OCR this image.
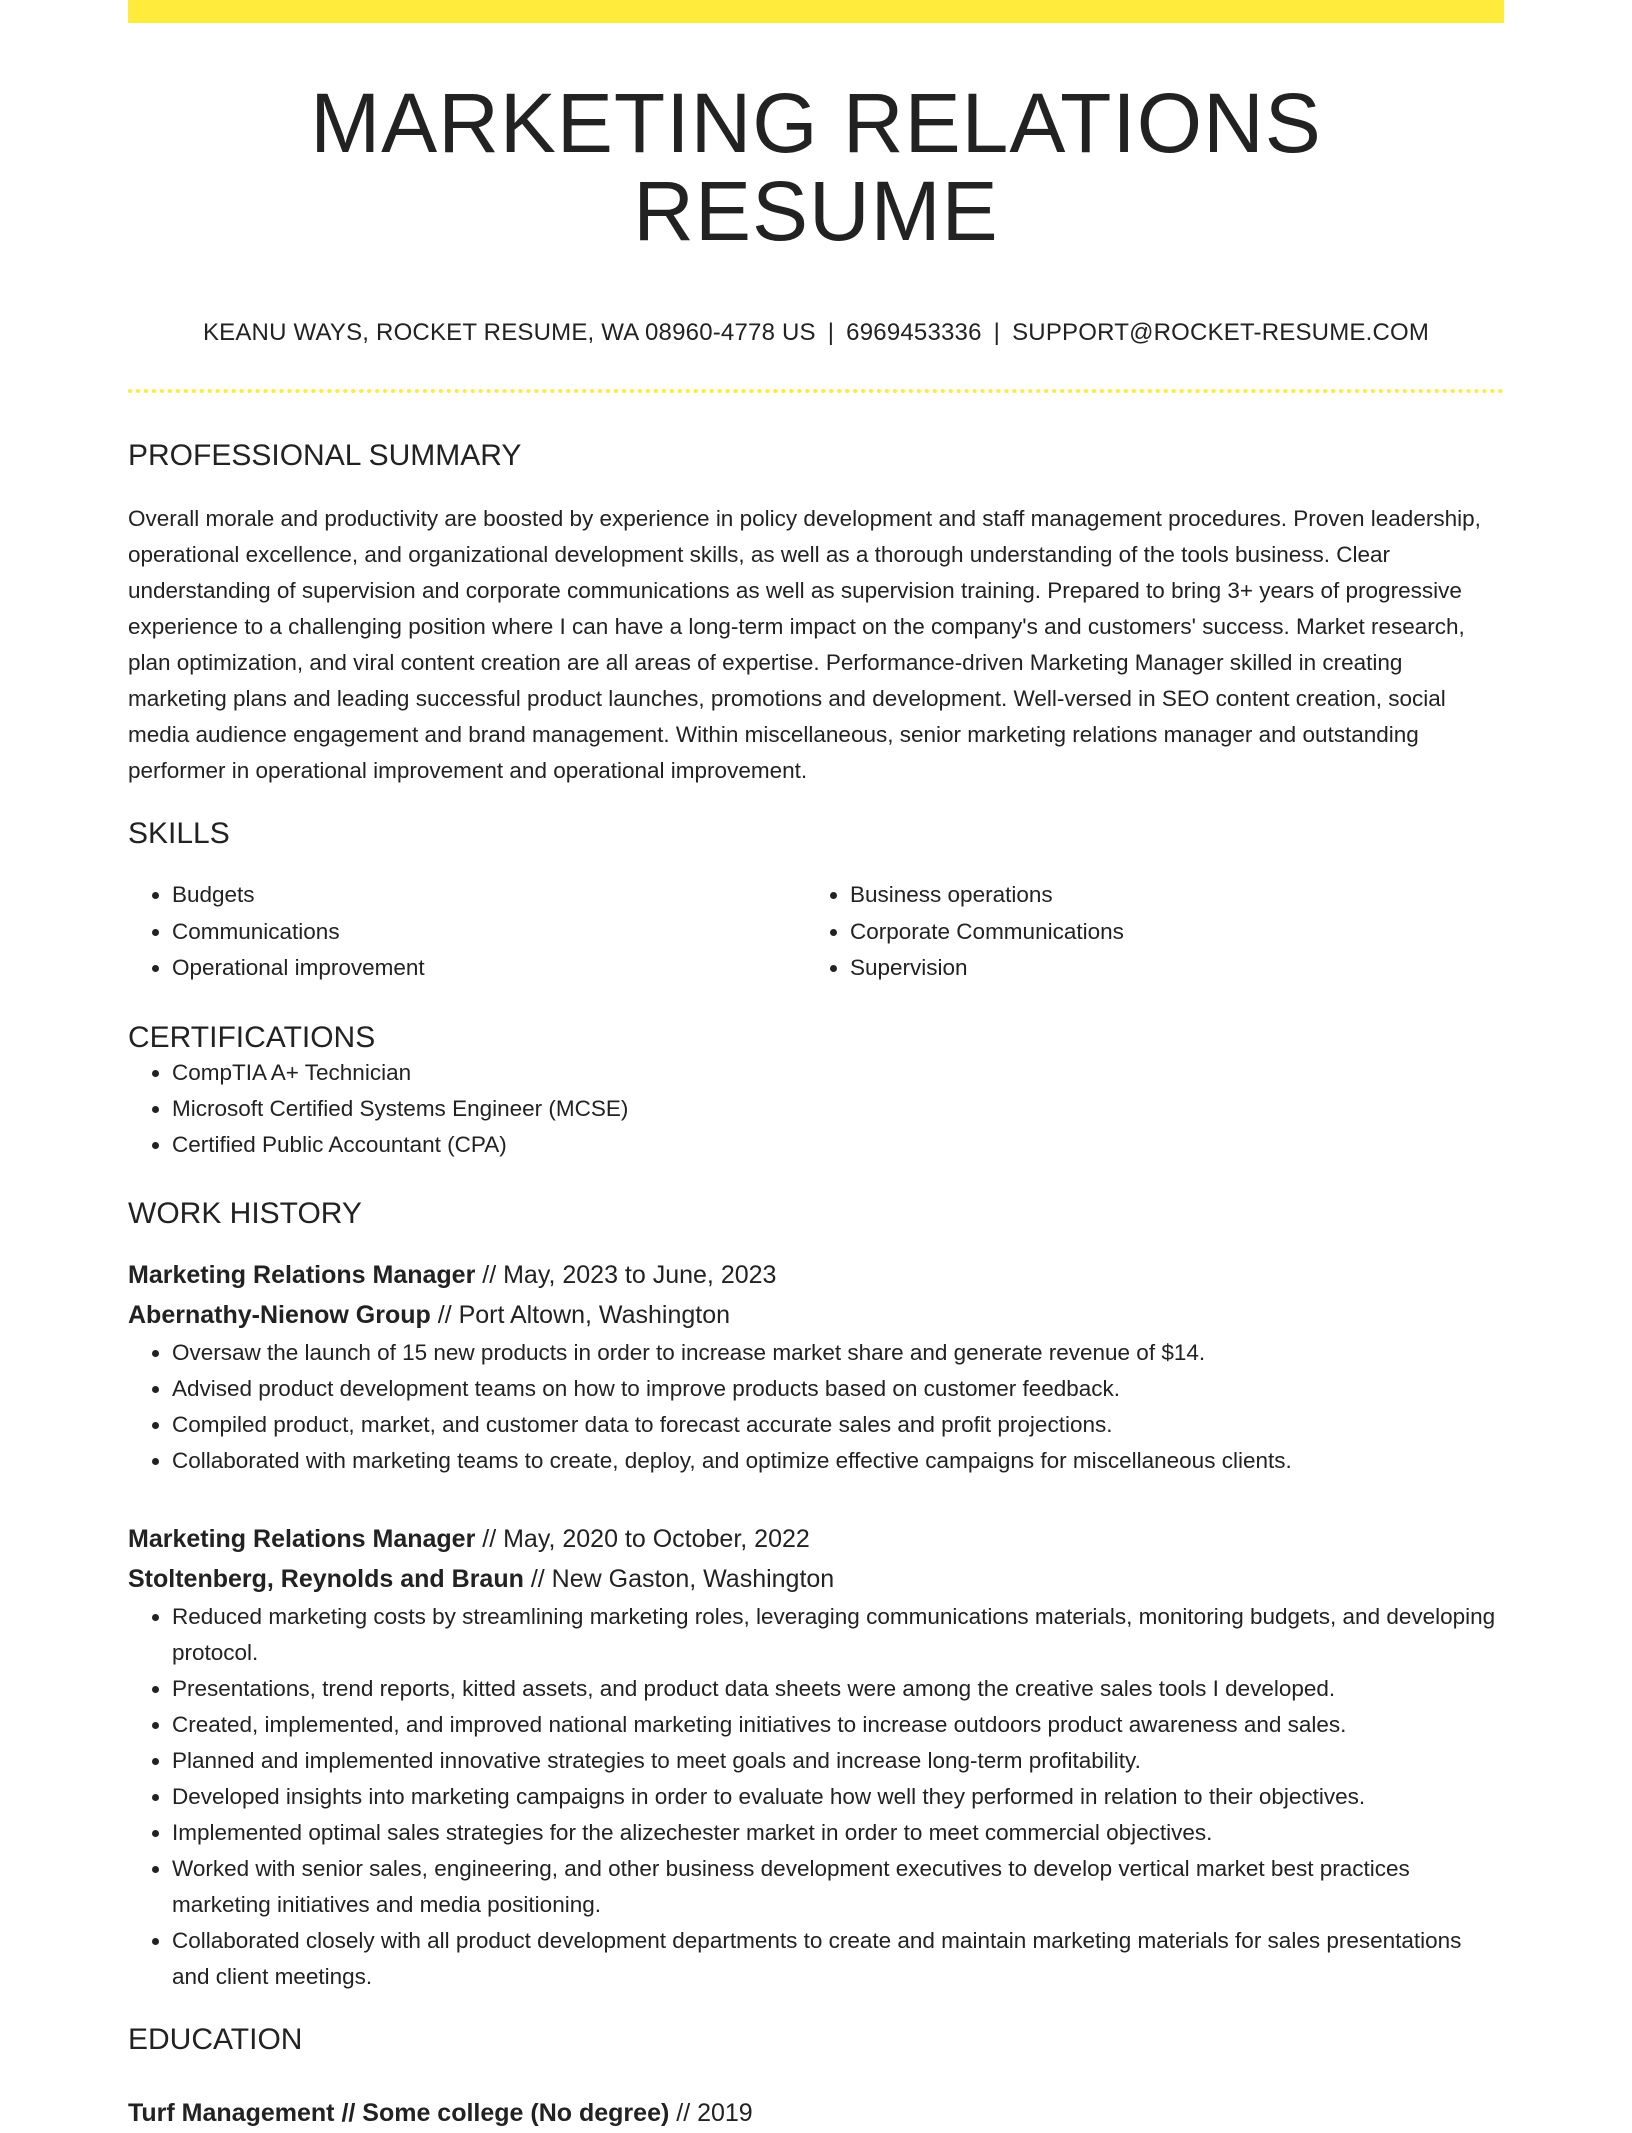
MARKETING RELATIONS RESUME
KEANU WAYS, ROCKET RESUME, WA 08960-4778 US | 6969453336 | SUPPORT@ROCKET-RESUME.COM
PROFESSIONAL SUMMARY

Overall morale and productivity are boosted by experience in policy development and staff management procedures. Proven leadership, operational excellence, and organizational development skills, as well as a thorough understanding of the tools business. Clear understanding of supervision and corporate communications as well as supervision training. Prepared to bring 3+ years of progressive experience to a challenging position where I can have a long-term impact on the company's and customers' success. Market research, plan optimization, and viral content creation are all areas of expertise. Performance-driven Marketing Manager skilled in creating marketing plans and leading successful product launches, promotions and development. Well-versed in SEO content creation, social media audience engagement and brand management. Within miscellaneous, senior marketing relations manager and outstanding performer in operational improvement and operational improvement.

SKILLS
• Budgets
• Communications
• Operational improvement
• Business operations
• Corporate Communications
• Supervision
CERTIFICATIONS
• CompTIA A+ Technician
• Microsoft Certified Systems Engineer (MCSE)
• Certified Public Accountant (CPA)
WORK HISTORY

Marketing Relations Manager // May, 2023 to June, 2023

Abernathy-Nienow Group // Port Altown, Washington

• Oversaw the launch of 15 new products in order to increase market share and generate revenue of $14.
• Advised product development teams on how to improve products based on customer feedback.
• Compiled product, market, and customer data to forecast accurate sales and profit projections.
• Collaborated with marketing teams to create, deploy, and optimize effective campaigns for miscellaneous clients.

Marketing Relations Manager // May, 2020 to October, 2022

Stoltenberg, Reynolds and Braun // New Gaston, Washington

• Reduced marketing costs by streamlining marketing roles, leveraging communications materials, monitoring budgets, and developing protocol.
• Presentations, trend reports, kitted assets, and product data sheets were among the creative sales tools I developed.
• Created, implemented, and improved national marketing initiatives to increase outdoors product awareness and sales.
• Planned and implemented innovative strategies to meet goals and increase long-term profitability.
• Developed insights into marketing campaigns in order to evaluate how well they performed in relation to their objectives.
• Implemented optimal sales strategies for the alizechester market in order to meet commercial objectives.
• Worked with senior sales, engineering, and other business development executives to develop vertical market best practices marketing initiatives and media positioning.
• Collaborated closely with all product development departments to create and maintain marketing materials for sales presentations and client meetings.
EDUCATION

Turf Management // Some college (No degree) // 2019
